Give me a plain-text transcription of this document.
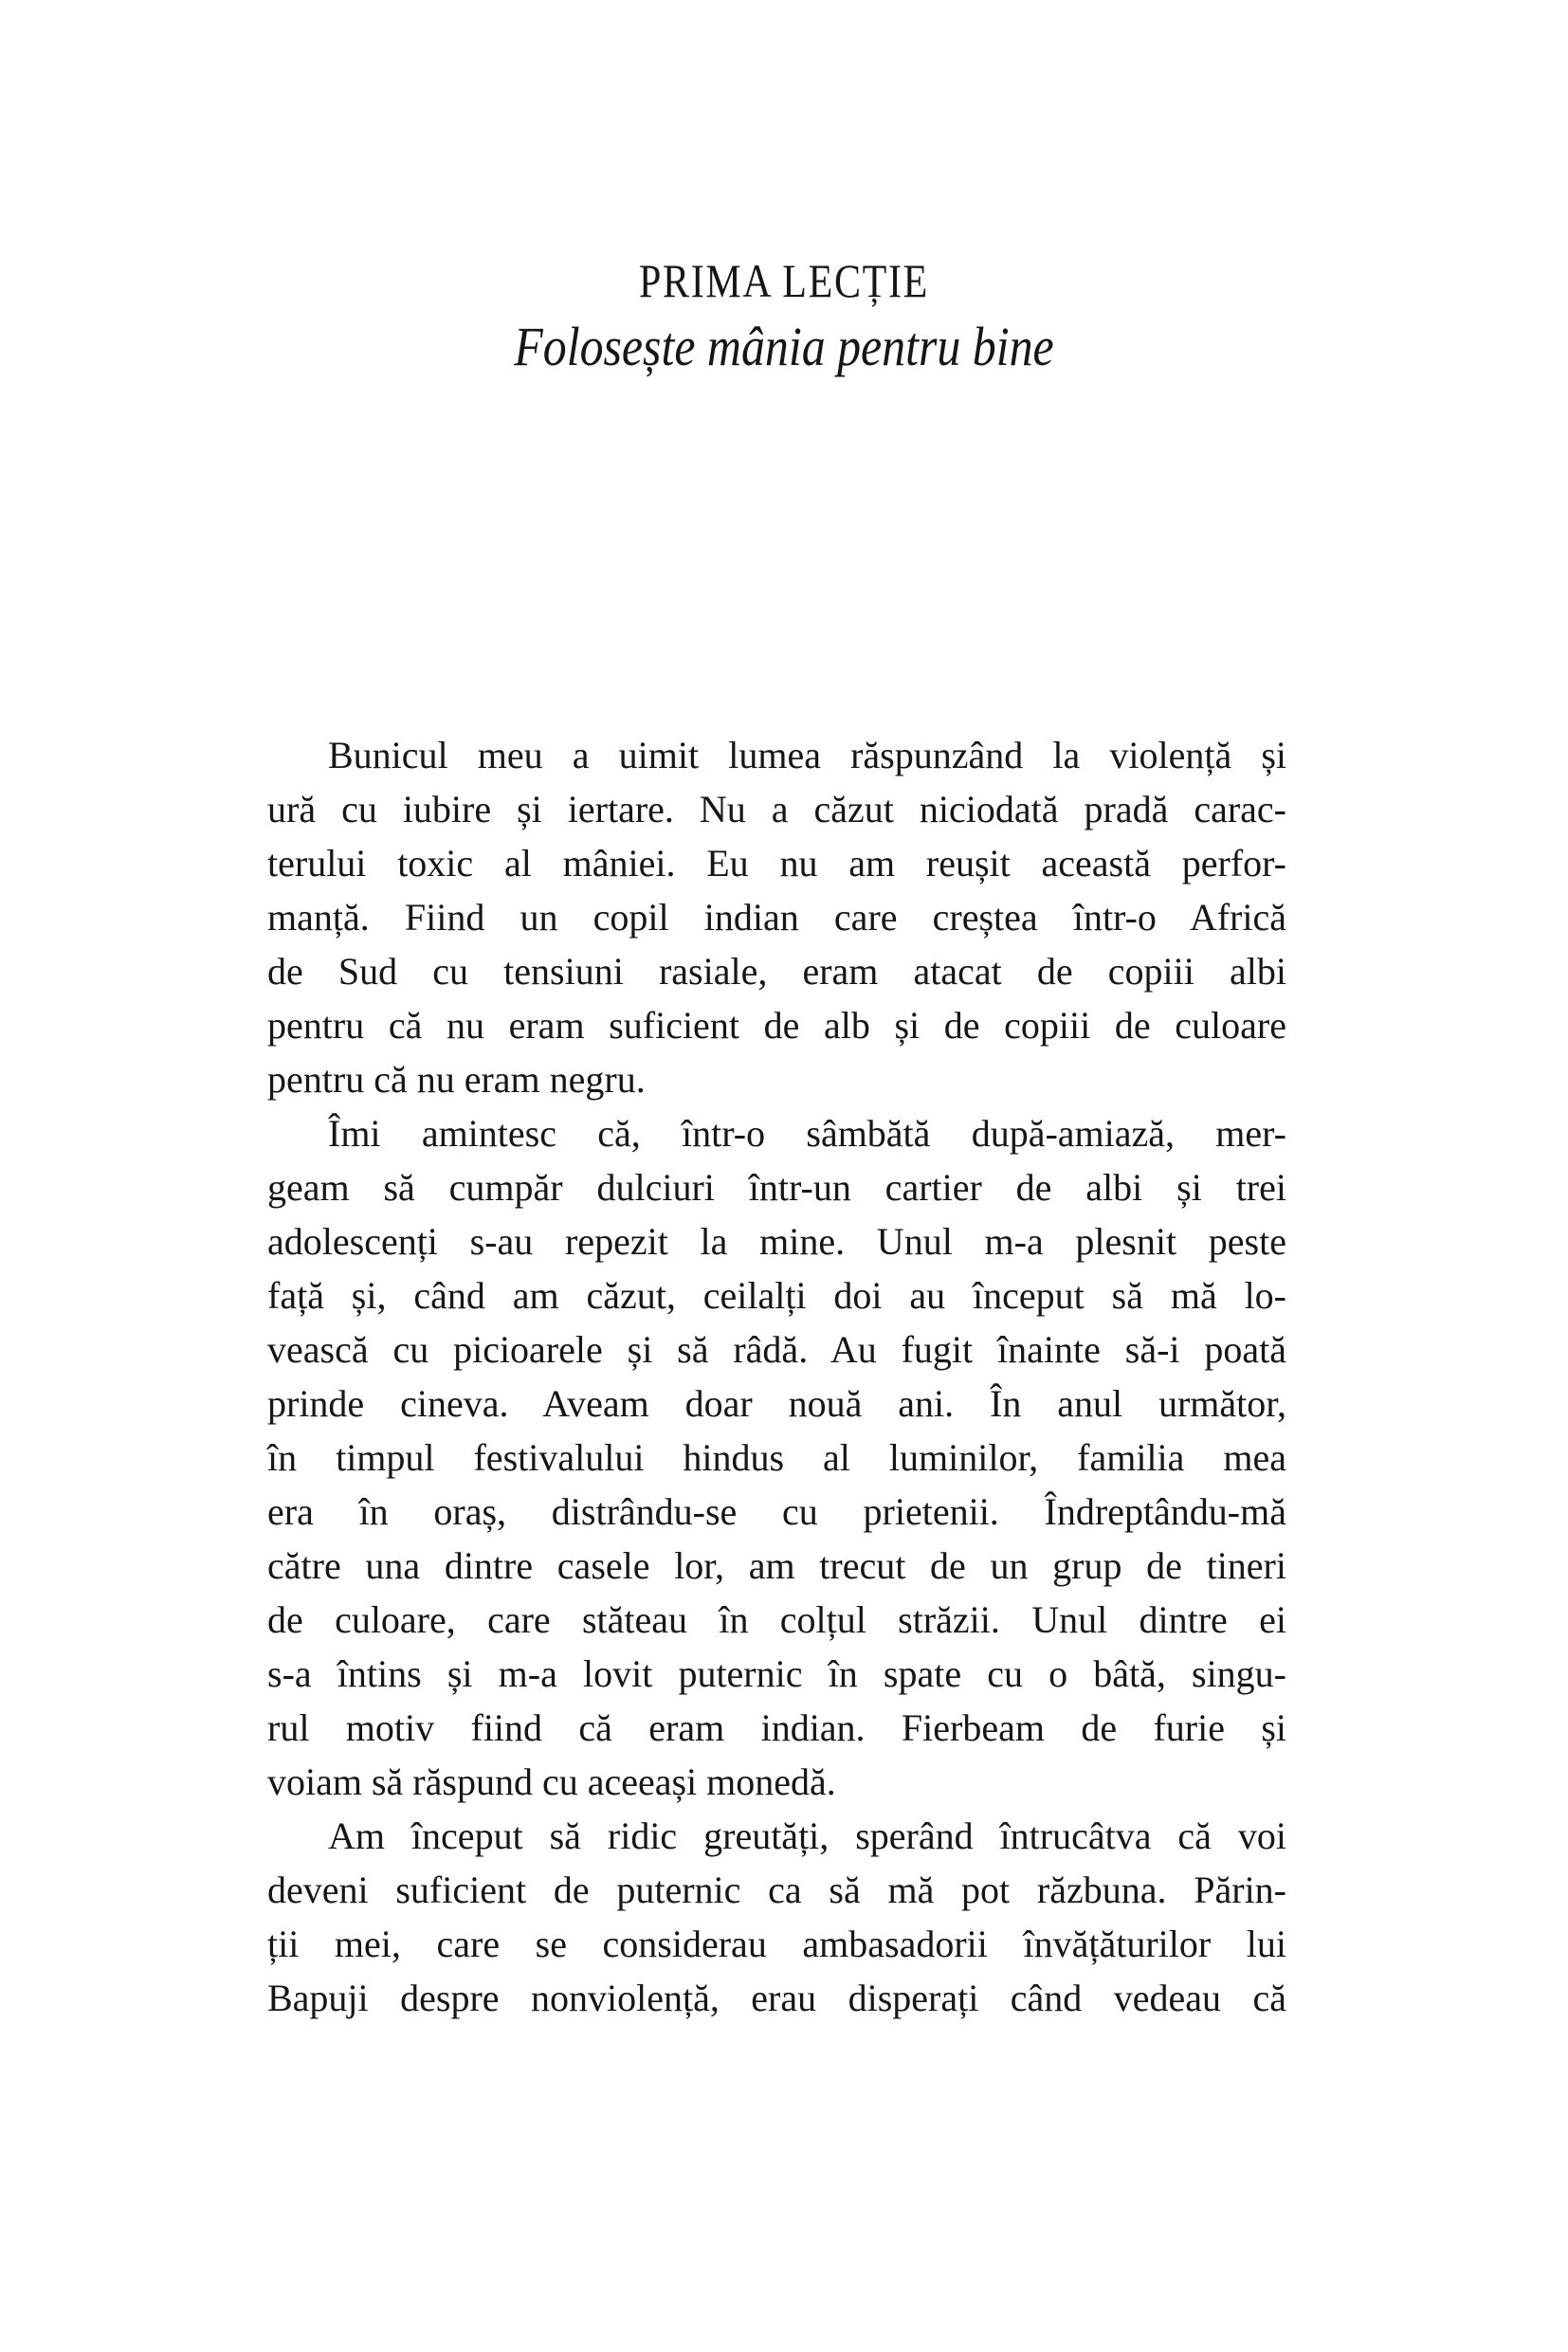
PRIMA LECȚIE
Folosește mânia pentru bine
Bunicul meu a uimit lumea răspunzând la violență și
ură cu iubire și iertare. Nu a căzut niciodată pradă carac-
terului toxic al mâniei. Eu nu am reușit această perfor-
manță. Fiind un copil indian care creștea într-o Africă
de Sud cu tensiuni rasiale, eram atacat de copiii albi
pentru că nu eram suficient de alb și de copiii de culoare
pentru că nu eram negru.
Îmi amintesc că, într-o sâmbătă după-amiază, mer-
geam să cumpăr dulciuri într-un cartier de albi și trei
adolescenți s-au repezit la mine. Unul m-a plesnit peste
față și, când am căzut, ceilalți doi au început să mă lo-
vească cu picioarele și să râdă. Au fugit înainte să-i poată
prinde cineva. Aveam doar nouă ani. În anul următor,
în timpul festivalului hindus al luminilor, familia mea
era în oraș, distrându-se cu prietenii. Îndreptându-mă
către una dintre casele lor, am trecut de un grup de tineri
de culoare, care stăteau în colțul străzii. Unul dintre ei
s-a întins și m-a lovit puternic în spate cu o bâtă, singu-
rul motiv fiind că eram indian. Fierbeam de furie și
voiam să răspund cu aceeași monedă.
Am început să ridic greutăți, sperând întrucâtva că voi
deveni suficient de puternic ca să mă pot răzbuna. Părin-
ții mei, care se considerau ambasadorii învățăturilor lui
Bapuji despre nonviolență, erau disperați când vedeau că
